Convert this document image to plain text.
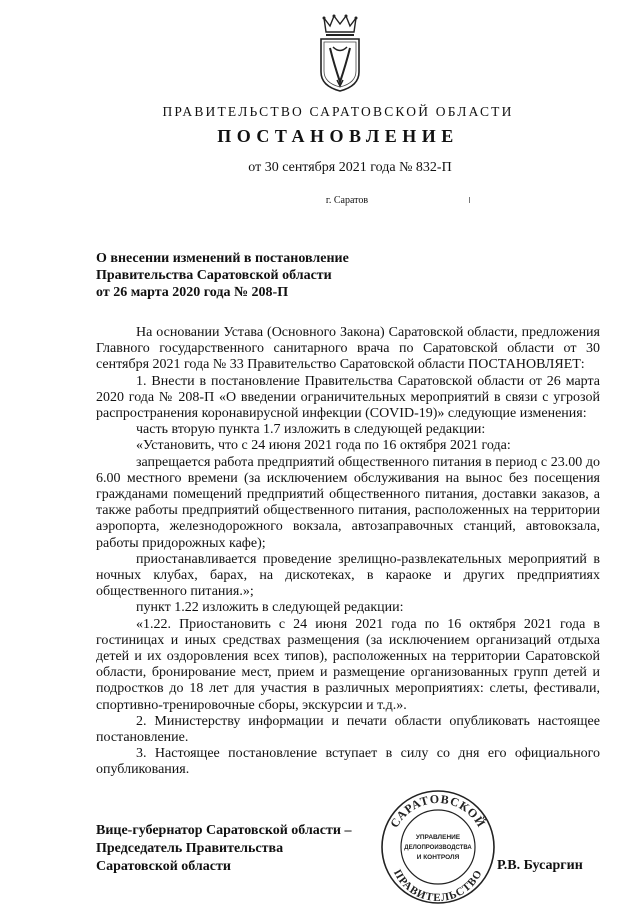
ПРАВИТЕЛЬСТВО САРАТОВСКОЙ ОБЛАСТИ
ПОСТАНОВЛЕНИЕ
от 30 сентября 2021 года № 832-П
г. Саратов
О внесении изменений в постановление
Правительства Саратовской области
от 26 марта 2020 года № 208-П

На основании Устава (Основного Закона) Саратовской области, предложения Главного государственного санитарного врача по Саратовской области от 30 сентября 2021 года № 33 Правительство Саратовской области ПОСТАНОВЛЯЕТ:

1. Внести в постановление Правительства Саратовской области от 26 марта 2020 года № 208-П «О введении ограничительных мероприятий в связи с угрозой распространения коронавирусной инфекции (COVID-19)» следующие изменения:

часть вторую пункта 1.7 изложить в следующей редакции:

«Установить, что с 24 июня 2021 года по 16 октября 2021 года:

запрещается работа предприятий общественного питания в период с 23.00 до 6.00 местного времени (за исключением обслуживания на вынос без посещения гражданами помещений предприятий общественного питания, доставки заказов, а также работы предприятий общественного питания, расположенных на территории аэропорта, железнодорожного вокзала, автозаправочных станций, автовокзала, работы придорожных кафе);

приостанавливается проведение зрелищно-развлекательных мероприятий в ночных клубах, барах, на дискотеках, в караоке и других предприятиях общественного питания.»;

пункт 1.22 изложить в следующей редакции:

«1.22. Приостановить с 24 июня 2021 года по 16 октября 2021 года в гостиницах и иных средствах размещения (за исключением организаций отдыха детей и их оздоровления всех типов), расположенных на территории Саратовской области, бронирование мест, прием и размещение организованных групп детей и подростков до 18 лет для участия в различных мероприятиях: слеты, фестивали, спортивно-тренировочные сборы, экскурсии и т.д.».

2. Министерству информации и печати области опубликовать настоящее постановление.

3. Настоящее постановление вступает в силу со дня его официального опубликования.

Вице-губернатор Саратовской области –
Председатель Правительства
Саратовской области
САРАТОВСКОЙ
ПРАВИТЕЛЬСТВО
УПРАВЛЕНИЕ
ДЕЛОПРОИЗВОДСТВА
И КОНТРОЛЯ
Р.В. Бусаргин
